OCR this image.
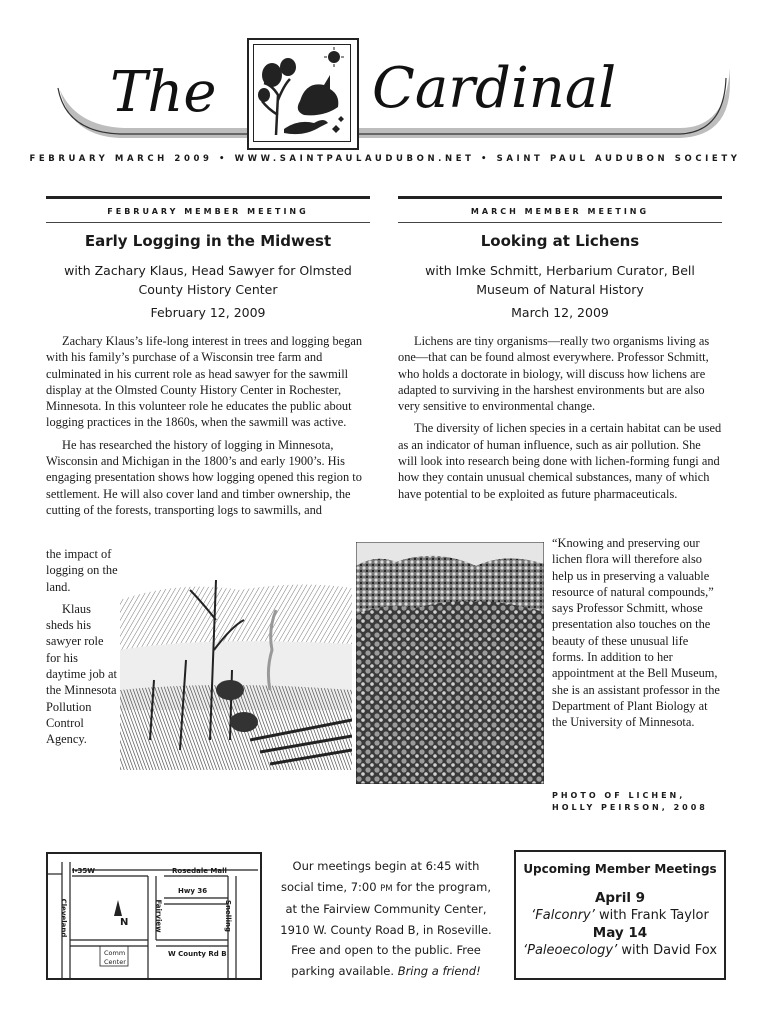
The	Cardinal
FEBRUARY MARCH 2009 • WWW.SAINTPAULAUDUBON.NET • SAINT PAUL AUDUBON SOCIETY
FEBRUARY MEMBER MEETING
Early Logging in the Midwest
with Zachary Klaus, Head Sawyer for Olmsted County History Center
February 12, 2009

Zachary Klaus’s life-long interest in trees and logging began with his family’s purchase of a Wisconsin tree farm and culminated in his current role as head sawyer for the sawmill display at the Olmsted County History Center in Rochester, Minnesota. In this volunteer role he educates the public about logging practices in the 1860s, when the sawmill was active.

He has researched the history of logging in Minnesota, Wisconsin and Michigan in the 1800’s and early 1900’s. His engaging presentation shows how logging opened this region to settlement. He will also cover land and timber ownership, the cutting of the forests, transporting logs to sawmills, and

the impact of logging on the land.

Klaus sheds his sawyer role for his daytime job at the Minnesota Pollution Control Agency.

MARCH MEMBER MEETING
Looking at Lichens
with Imke Schmitt, Herbarium Curator, Bell Museum of Natural History
March 12, 2009

Lichens are tiny organisms—really two organisms living as one—that can be found almost everywhere. Professor Schmitt, who holds a doctorate in biology, will discuss how lichens are adapted to surviving in the harshest environments but are also very sensitive to environmental change.

The diversity of lichen species in a certain habitat can be used as an indicator of human influence, such as air pollution. She will look into research being done with lichen-forming fungi and how they contain unusual chemical substances, many of which have potential to be exploited as future pharmaceuticals.

“Knowing and preserving our lichen flora will therefore also help us in preserving a valuable resource of natural compounds,” says Professor Schmitt, whose presentation also touches on the beauty of these unusual life forms. In addition to her appointment at the Bell Museum, she is an assistant professor in the Department of Plant Biology at the University of Minnesota.

PHOTO OF LICHEN,
HOLLY PEIRSON, 2008
I-35W	Rosedale Mall
Hwy 36
Cleveland	Fairview	Snelling
N
Comm
Center
W County Rd B
Our meetings begin at 6:45 with
social time, 7:00 PM for the program,
at the Fairview Community Center,
1910 W. County Road B, in Roseville.
Free and open to the public. Free
parking available. Bring a friend!
Upcoming Member Meetings
April 9
‘Falconry’ with Frank Taylor
May 14
‘Paleoecology’ with David Fox
